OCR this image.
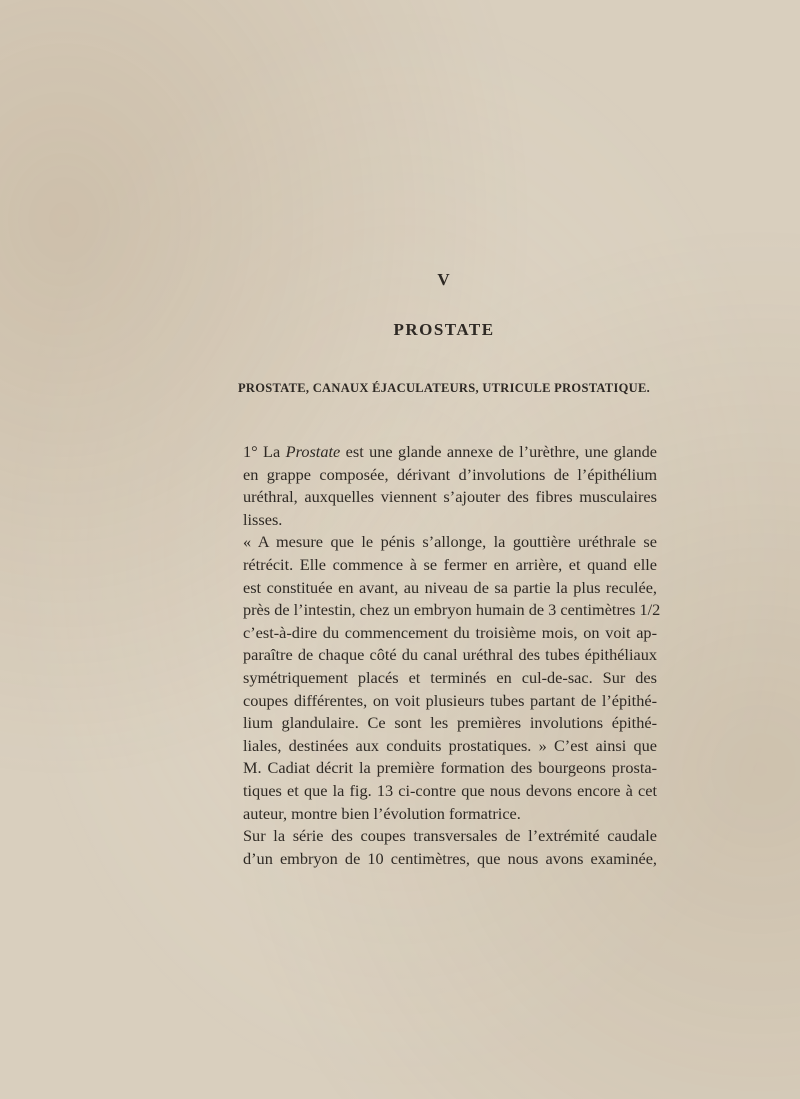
V
PROSTATE
PROSTATE, CANAUX ÉJACULATEURS, UTRICULE PROSTATIQUE.

1° La Prostate est une glande annexe de l’urèthre, une glande
en grappe composée, dérivant d’involutions de l’épithélium
uréthral, auxquelles viennent s’ajouter des fibres musculaires
lisses.

« A mesure que le pénis s’allonge, la gouttière uréthrale se
rétrécit. Elle commence à se fermer en arrière, et quand elle
est constituée en avant, au niveau de sa partie la plus reculée,
près de l’intestin, chez un embryon humain de 3 centimètres 1/2
c’est-à-dire du commencement du troisième mois, on voit ap-
paraître de chaque côté du canal uréthral des tubes épithéliaux
symétriquement placés et terminés en cul-de-sac. Sur des
coupes différentes, on voit plusieurs tubes partant de l’épithé-
lium glandulaire. Ce sont les premières involutions épithé-
liales, destinées aux conduits prostatiques. » C’est ainsi que
M. Cadiat décrit la première formation des bourgeons prosta-
tiques et que la fig. 13 ci-contre que nous devons encore à cet
auteur, montre bien l’évolution formatrice.

Sur la série des coupes transversales de l’extrémité caudale
d’un embryon de 10 centimètres, que nous avons examinée,
